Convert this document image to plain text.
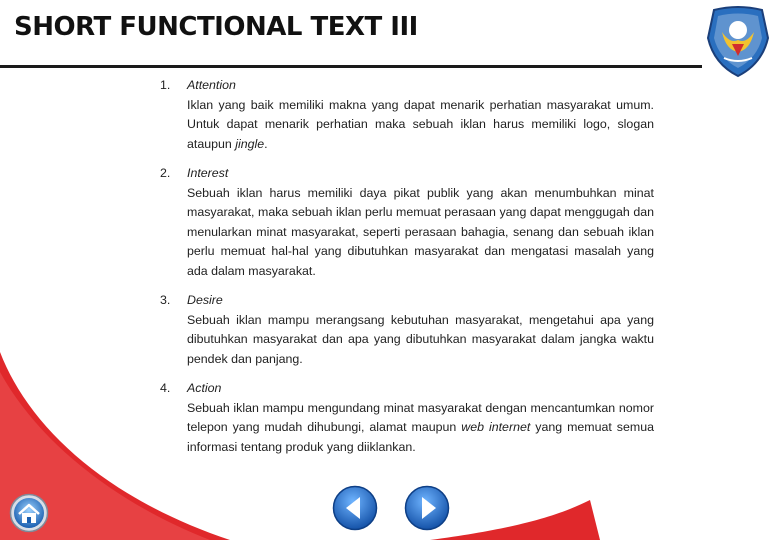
SHORT FUNCTIONAL TEXT III
1.	Attention
Iklan yang baik memiliki makna yang dapat menarik perhatian masyarakat umum. Untuk dapat menarik perhatian maka sebuah iklan harus memiliki logo, slogan ataupun jingle.
2.	Interest
Sebuah iklan harus memiliki daya pikat publik yang akan menumbuhkan minat masyarakat, maka sebuah iklan perlu memuat perasaan yang dapat menggugah dan menularkan minat masyarakat, seperti perasaan bahagia, senang dan sebuah iklan perlu memuat hal-hal yang dibutuhkan masyarakat dan mengatasi masalah yang ada dalam masyarakat.
3.	Desire
Sebuah iklan mampu merangsang kebutuhan masyarakat, mengetahui apa yang dibutuhkan masyarakat dan apa yang dibutuhkan masyarakat dalam jangka waktu pendek dan panjang.
4.	Action
Sebuah iklan mampu mengundang minat masyarakat dengan mencantumkan nomor telepon yang mudah dihubungi, alamat maupun web internet yang memuat semua informasi tentang produk yang diiklankan.
